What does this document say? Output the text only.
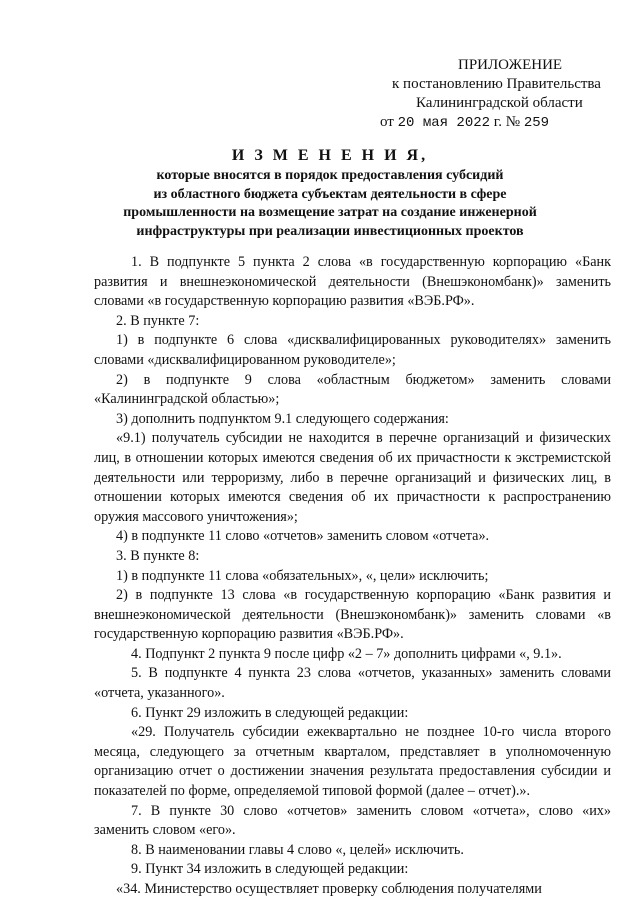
ПРИЛОЖЕНИЕ
к постановлению Правительства
Калининградской области
от 20 мая 2022 г. № 259
И З М Е Н Е Н И Я,
которые вносятся в порядок предоставления субсидий
из областного бюджета субъектам деятельности в сфере
промышленности на возмещение затрат на создание инженерной
инфраструктуры при реализации инвестиционных проектов

1. В подпункте 5 пункта 2 слова «в государственную корпорацию «Банк развития и внешнеэкономической деятельности (Внешэкономбанк)» заменить словами «в государственную корпорацию развития «ВЭБ.РФ».

2. В пункте 7:

1) в подпункте 6 слова «дисквалифицированных руководителях» заменить словами «дисквалифицированном руководителе»;

2) в подпункте 9 слова «областным бюджетом» заменить словами «Калининградской областью»;

3) дополнить подпунктом 9.1 следующего содержания:

«9.1) получатель субсидии не находится в перечне организаций и физических лиц, в отношении которых имеются сведения об их причастности к экстремистской деятельности или терроризму, либо в перечне организаций и физических лиц, в отношении которых имеются сведения об их причастности к распространению оружия массового уничтожения»;

4) в подпункте 11 слово «отчетов» заменить словом «отчета».

3. В пункте 8:

1) в подпункте 11 слова «обязательных», «, цели» исключить;

2) в подпункте 13 слова «в государственную корпорацию «Банк развития и внешнеэкономической деятельности (Внешэкономбанк)» заменить словами «в государственную корпорацию развития «ВЭБ.РФ».

4. Подпункт 2 пункта 9 после цифр «2 – 7» дополнить цифрами «, 9.1».

5. В подпункте 4 пункта 23 слова «отчетов, указанных» заменить словами «отчета, указанного».

6. Пункт 29 изложить в следующей редакции:

«29. Получатель субсидии ежеквартально не позднее 10-го числа второго месяца, следующего за отчетным кварталом, представляет в уполномоченную организацию отчет о достижении значения результата предоставления субсидии и показателей по форме, определяемой типовой формой (далее – отчет).».

7. В пункте 30 слово «отчетов» заменить словом «отчета», слово «их» заменить словом «его».

8. В наименовании главы 4 слово «, целей» исключить.

9. Пункт 34 изложить в следующей редакции:

«34. Министерство осуществляет проверку соблюдения получателями
